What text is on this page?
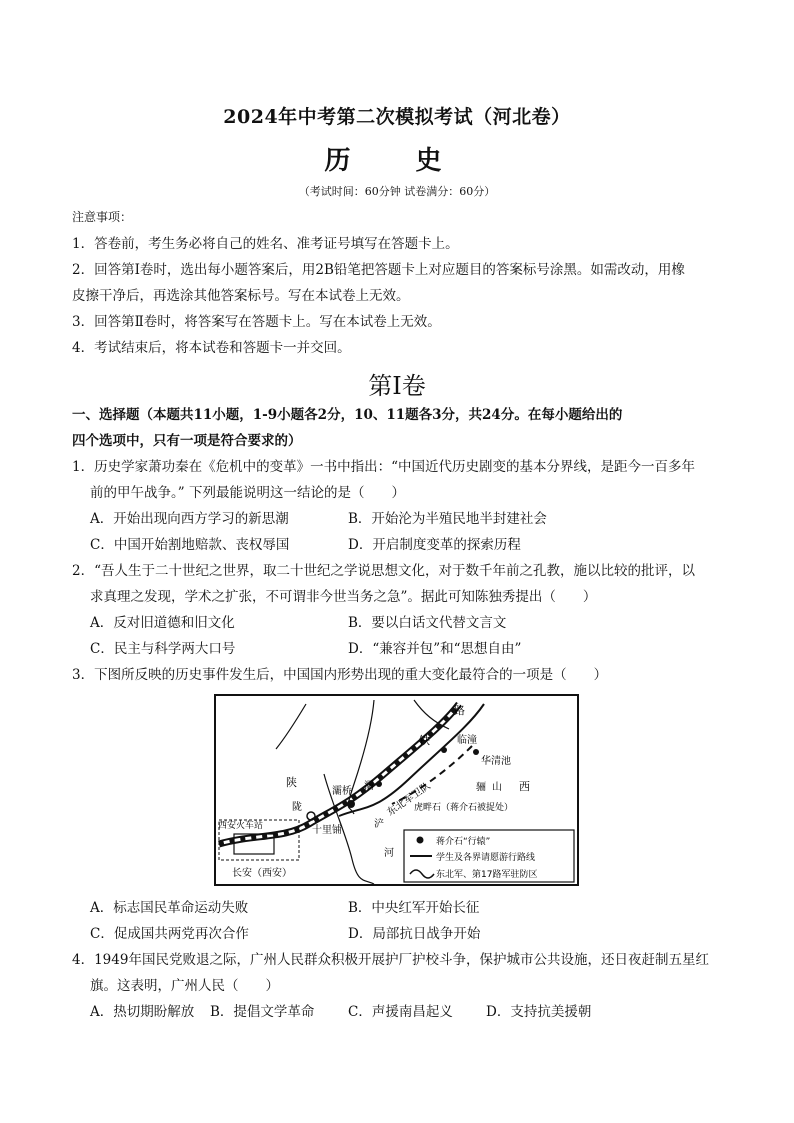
2024年中考第二次模拟考试（河北卷）
历 史
（考试时间：60分钟 试卷满分：60分）
注意事项：
1．答卷前，考生务必将自己的姓名、准考证号填写在答题卡上。
2．回答第Ⅰ卷时，选出每小题答案后，用2B铅笔把答题卡上对应题目的答案标号涂黑。如需改动，用橡
皮擦干净后，再选涂其他答案标号。写在本试卷上无效。
3．回答第Ⅱ卷时，将答案写在答题卡上。写在本试卷上无效。
4．考试结束后，将本试卷和答题卡一并交回。
第Ⅰ卷
一、选择题（本题共11小题，1-9小题各2分，10、11题各3分，共24分。在每小题给出的
四个选项中，只有一项是符合要求的）
1．历史学家萧功秦在《危机中的变革》一书中指出：“中国近代历史剧变的基本分界线，是距今一百多年
前的甲午战争。” 下列最能说明这一结论的是（　　）
A．开始出现向西方学习的新思潮	B．开始沦为半殖民地半封建社会
C．中国开始割地赔款、丧权辱国	D．开启制度变革的探索历程
2．“吾人生于二十世纪之世界，取二十世纪之学说思想文化，对于数千年前之孔教，施以比较的批评，以
求真理之发现，学术之扩张，不可谓非今世当务之急”。据此可知陈独秀提出（　　）
A．反对旧道德和旧文化	B．要以白话文代替文言文
C．民主与科学两大口号	D．“兼容并包”和“思想自由”
3．下图所反映的历史事件发生后，中国国内形势出现的重大变化最符合的一项是（　　）
路
铁	临潼
华清池
骊 山 西
陕
灞桥 灞 东北军卫队
虎畔石（蒋介石被捉处）
陇
十里铺
西安火车站
长安（西安）
浐
河
蒋介石“行辕”
学生及各界请愿游行路线
东北军、第17路军驻防区
A．标志国民革命运动失败	B．中央红军开始长征
C．促成国共两党再次合作	D．局部抗日战争开始
4．1949年国民党败退之际，广州人民群众积极开展护厂护校斗争，保护城市公共设施，还日夜赶制五星红
旗。这表明，广州人民（　　）
A．热切期盼解放 B．提倡文学革命 C．声援南昌起义 D．支持抗美援朝
